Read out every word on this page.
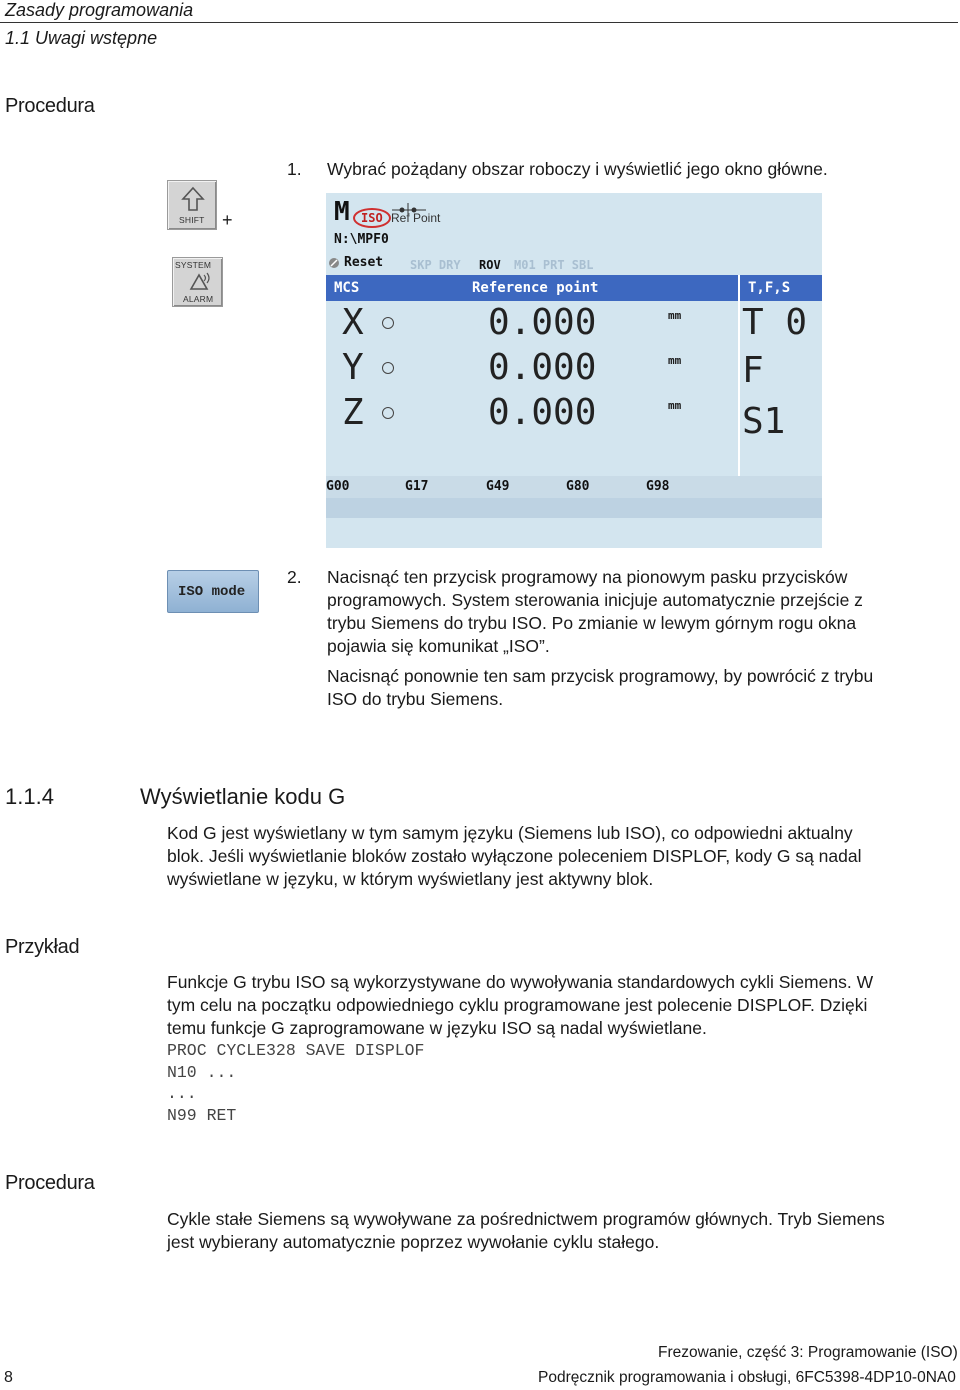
Zasady programowania
1.1 Uwagi wstępne
Procedura
1. Wybrać pożądany obszar roboczy i wyświetlić jego okno główne.
SHIFT +
SYSTEM
ALARM
M ISO Ref Point
N:\MPF0
Reset SKP DRY ROV M01 PRT SBL
MCS	Reference point	T,F,S
X	0.000	mm
Y	0.000	mm
Z	0.000	mm
T 0
F
S1
G00	G17	G49	G80	G98
ISO mode
2. Nacisnąć ten przycisk programowy na pionowym pasku przycisków
programowych. System sterowania inicjuje automatycznie przejście z
trybu Siemens do trybu ISO. Po zmianie w lewym górnym rogu okna
pojawia się komunikat „ISO”.
Nacisnąć ponownie ten sam przycisk programowy, by powrócić z trybu
ISO do trybu Siemens.
1.1.4	Wyświetlanie kodu G
Kod G jest wyświetlany w tym samym języku (Siemens lub ISO), co odpowiedni aktualny
blok. Jeśli wyświetlanie bloków zostało wyłączone poleceniem DISPLOF, kody G są nadal
wyświetlane w języku, w którym wyświetlany jest aktywny blok.
Przykład
Funkcje G trybu ISO są wykorzystywane do wywoływania standardowych cykli Siemens. W
tym celu na początku odpowiedniego cyklu programowane jest polecenie DISPLOF. Dzięki
temu funkcje G zaprogramowane w języku ISO są nadal wyświetlane.
PROC CYCLE328 SAVE DISPLOF
N10 ...
...
N99 RET
Procedura
Cykle stałe Siemens są wywoływane za pośrednictwem programów głównych. Tryb Siemens
jest wybierany automatycznie poprzez wywołanie cyklu stałego.
Frezowanie, część 3: Programowanie (ISO)
8	Podręcznik programowania i obsługi, 6FC5398-4DP10-0NA0
